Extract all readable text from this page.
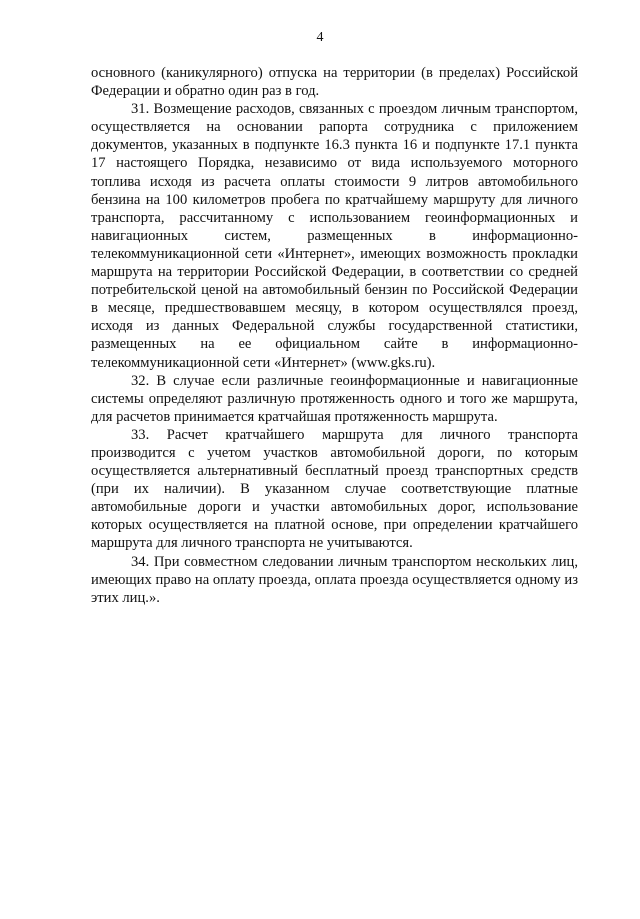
4

основного (каникулярного) отпуска на территории (в пределах) Российской Федерации и обратно один раз в год.

31. Возмещение расходов, связанных с проездом личным транспортом, осуществляется на основании рапорта сотрудника с приложением документов, указанных в подпункте 16.3 пункта 16 и подпункте 17.1 пункта 17 настоящего Порядка, независимо от вида используемого моторного топлива исходя из расчета оплаты стоимости 9 литров автомобильного бензина на 100 километров пробега по кратчайшему маршруту для личного транспорта, рассчитанному с использованием геоинформационных и навигационных систем, размещенных в информационно-телекоммуникационной сети «Интернет», имеющих возможность прокладки маршрута на территории Российской Федерации, в соответствии со средней потребительской ценой на автомобильный бензин по Российской Федерации в месяце, предшествовавшем месяцу, в котором осуществлялся проезд, исходя из данных Федеральной службы государственной статистики, размещенных на ее официальном сайте в информационно-телекоммуникационной сети «Интернет» (www.gks.ru).

32. В случае если различные геоинформационные и навигационные системы определяют различную протяженность одного и того же маршрута, для расчетов принимается кратчайшая протяженность маршрута.

33. Расчет кратчайшего маршрута для личного транспорта производится с учетом участков автомобильной дороги, по которым осуществляется альтернативный бесплатный проезд транспортных средств (при их наличии). В указанном случае соответствующие платные автомобильные дороги и участки автомобильных дорог, использование которых осуществляется на платной основе, при определении кратчайшего маршрута для личного транспорта не учитываются.

34. При совместном следовании личным транспортом нескольких лиц, имеющих право на оплату проезда, оплата проезда осуществляется одному из этих лиц.».
